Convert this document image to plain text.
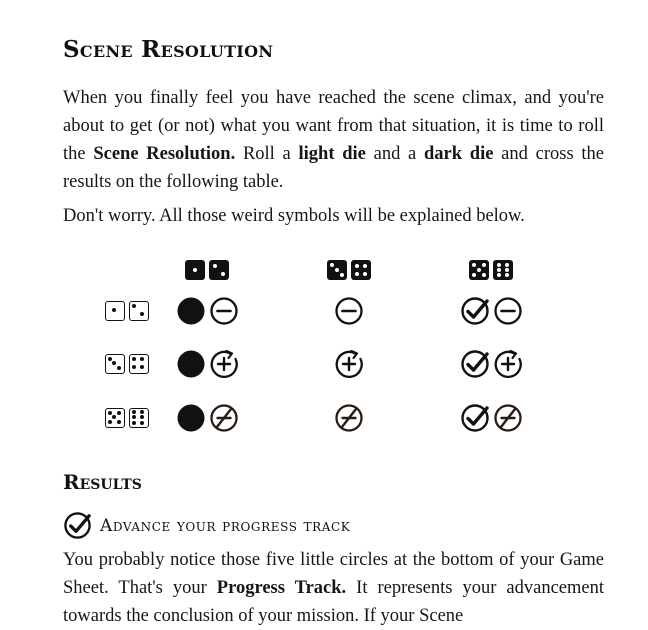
Scene Resolution

When you finally feel you have reached the scene climax, and you're about to get (or not) what you want from that situation, it is time to roll the Scene Resolution. Roll a light die and a dark die and cross the results on the following table.

Don't worry. All those weird symbols will be explained below.

Results
Advance your progress track

You probably notice those five little circles at the bottom of your Game Sheet. That's your Progress Track. It represents your advancement towards the conclusion of your mission. If your Scene
